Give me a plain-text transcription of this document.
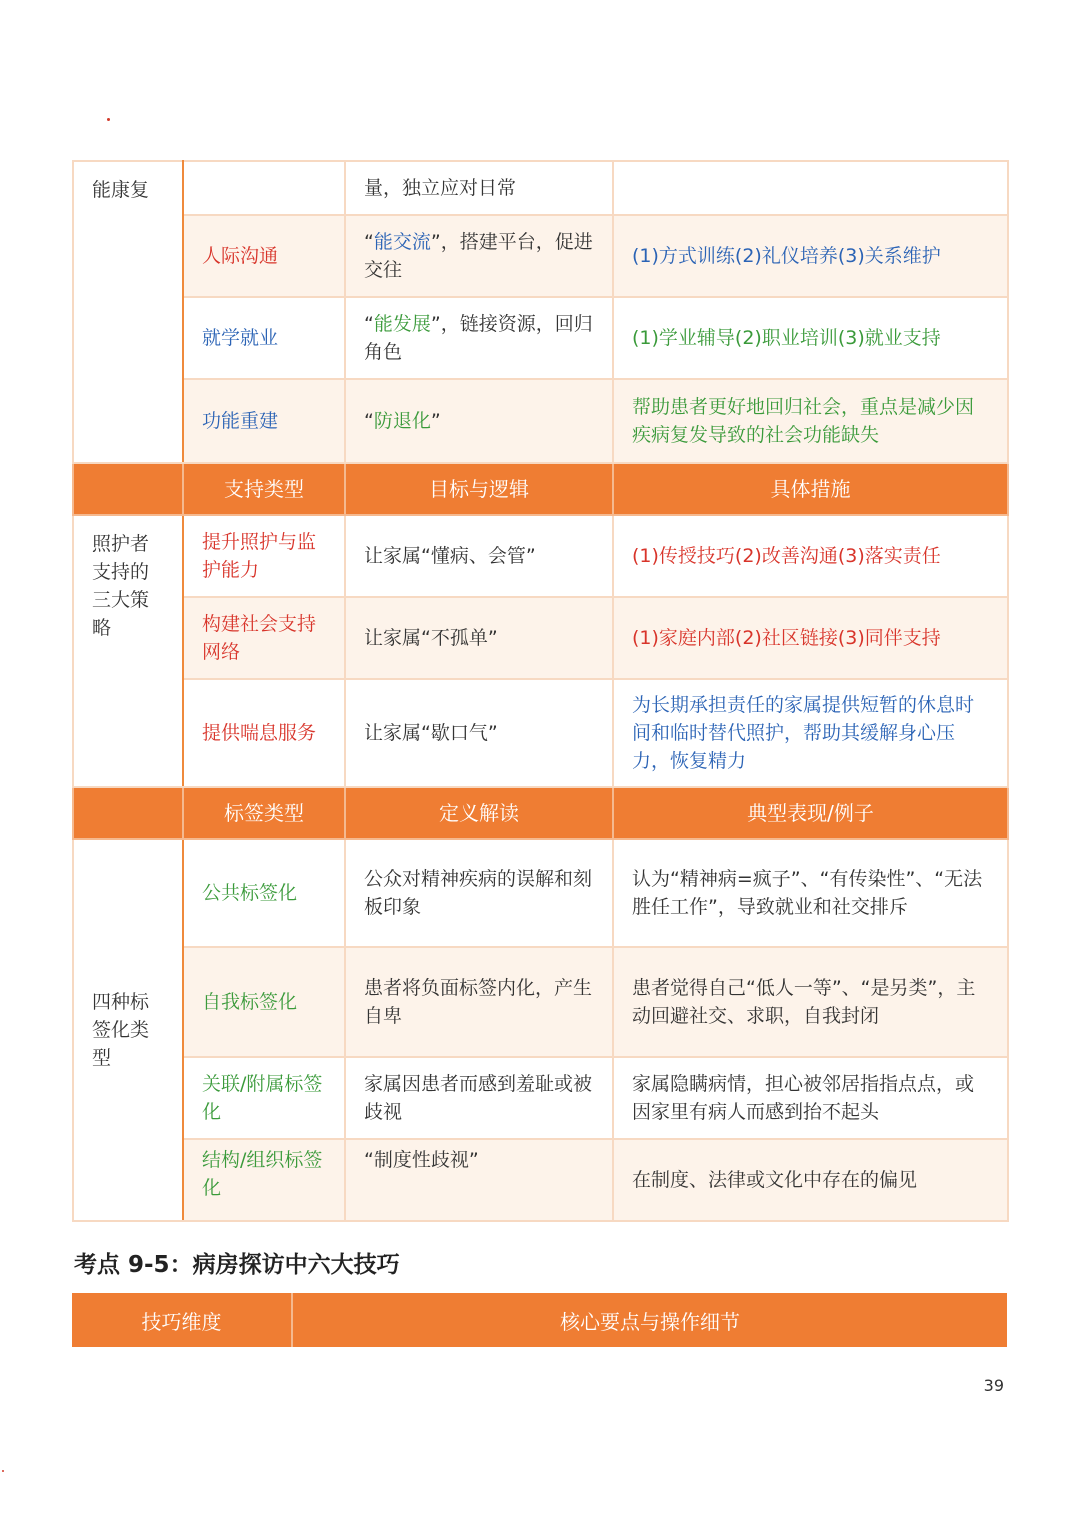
能康复		量，独立应对日常	
	人际沟通	“能交流”，搭建平台，促进交往	(1)方式训练(2)礼仪培养(3)关系维护
	就学就业	“能发展”，链接资源，回归角色	(1)学业辅导(2)职业培训(3)就业支持
	功能重建	“防退化”	帮助患者更好地回归社会，重点是减少因疾病复发导致的社会功能缺失
	支持类型	目标与逻辑	具体措施
照护者支持的三大策略	提升照护与监护能力	让家属“懂病、会管”	(1)传授技巧(2)改善沟通(3)落实责任
	构建社会支持网络	让家属“不孤单”	(1)家庭内部(2)社区链接(3)同伴支持
	提供喘息服务	让家属“歇口气”	为长期承担责任的家属提供短暂的休息时间和临时替代照护，帮助其缓解身心压力，恢复精力
	标签类型	定义解读	典型表现/例子
四种标签化类型	公共标签化	公众对精神疾病的误解和刻板印象	认为“精神病=疯子”、“有传染性”、“无法胜任工作”，导致就业和社交排斥
	自我标签化	患者将负面标签内化，产生自卑	患者觉得自己“低人一等”、“是另类”，主动回避社交、求职，自我封闭
	关联/附属标签化	家属因患者而感到羞耻或被歧视	家属隐瞒病情，担心被邻居指指点点，或因家里有病人而感到抬不起头
	结构/组织标签化	“制度性歧视”	在制度、法律或文化中存在的偏见
考点 9-5：病房探访中六大技巧
技巧维度	核心要点与操作细节
39
